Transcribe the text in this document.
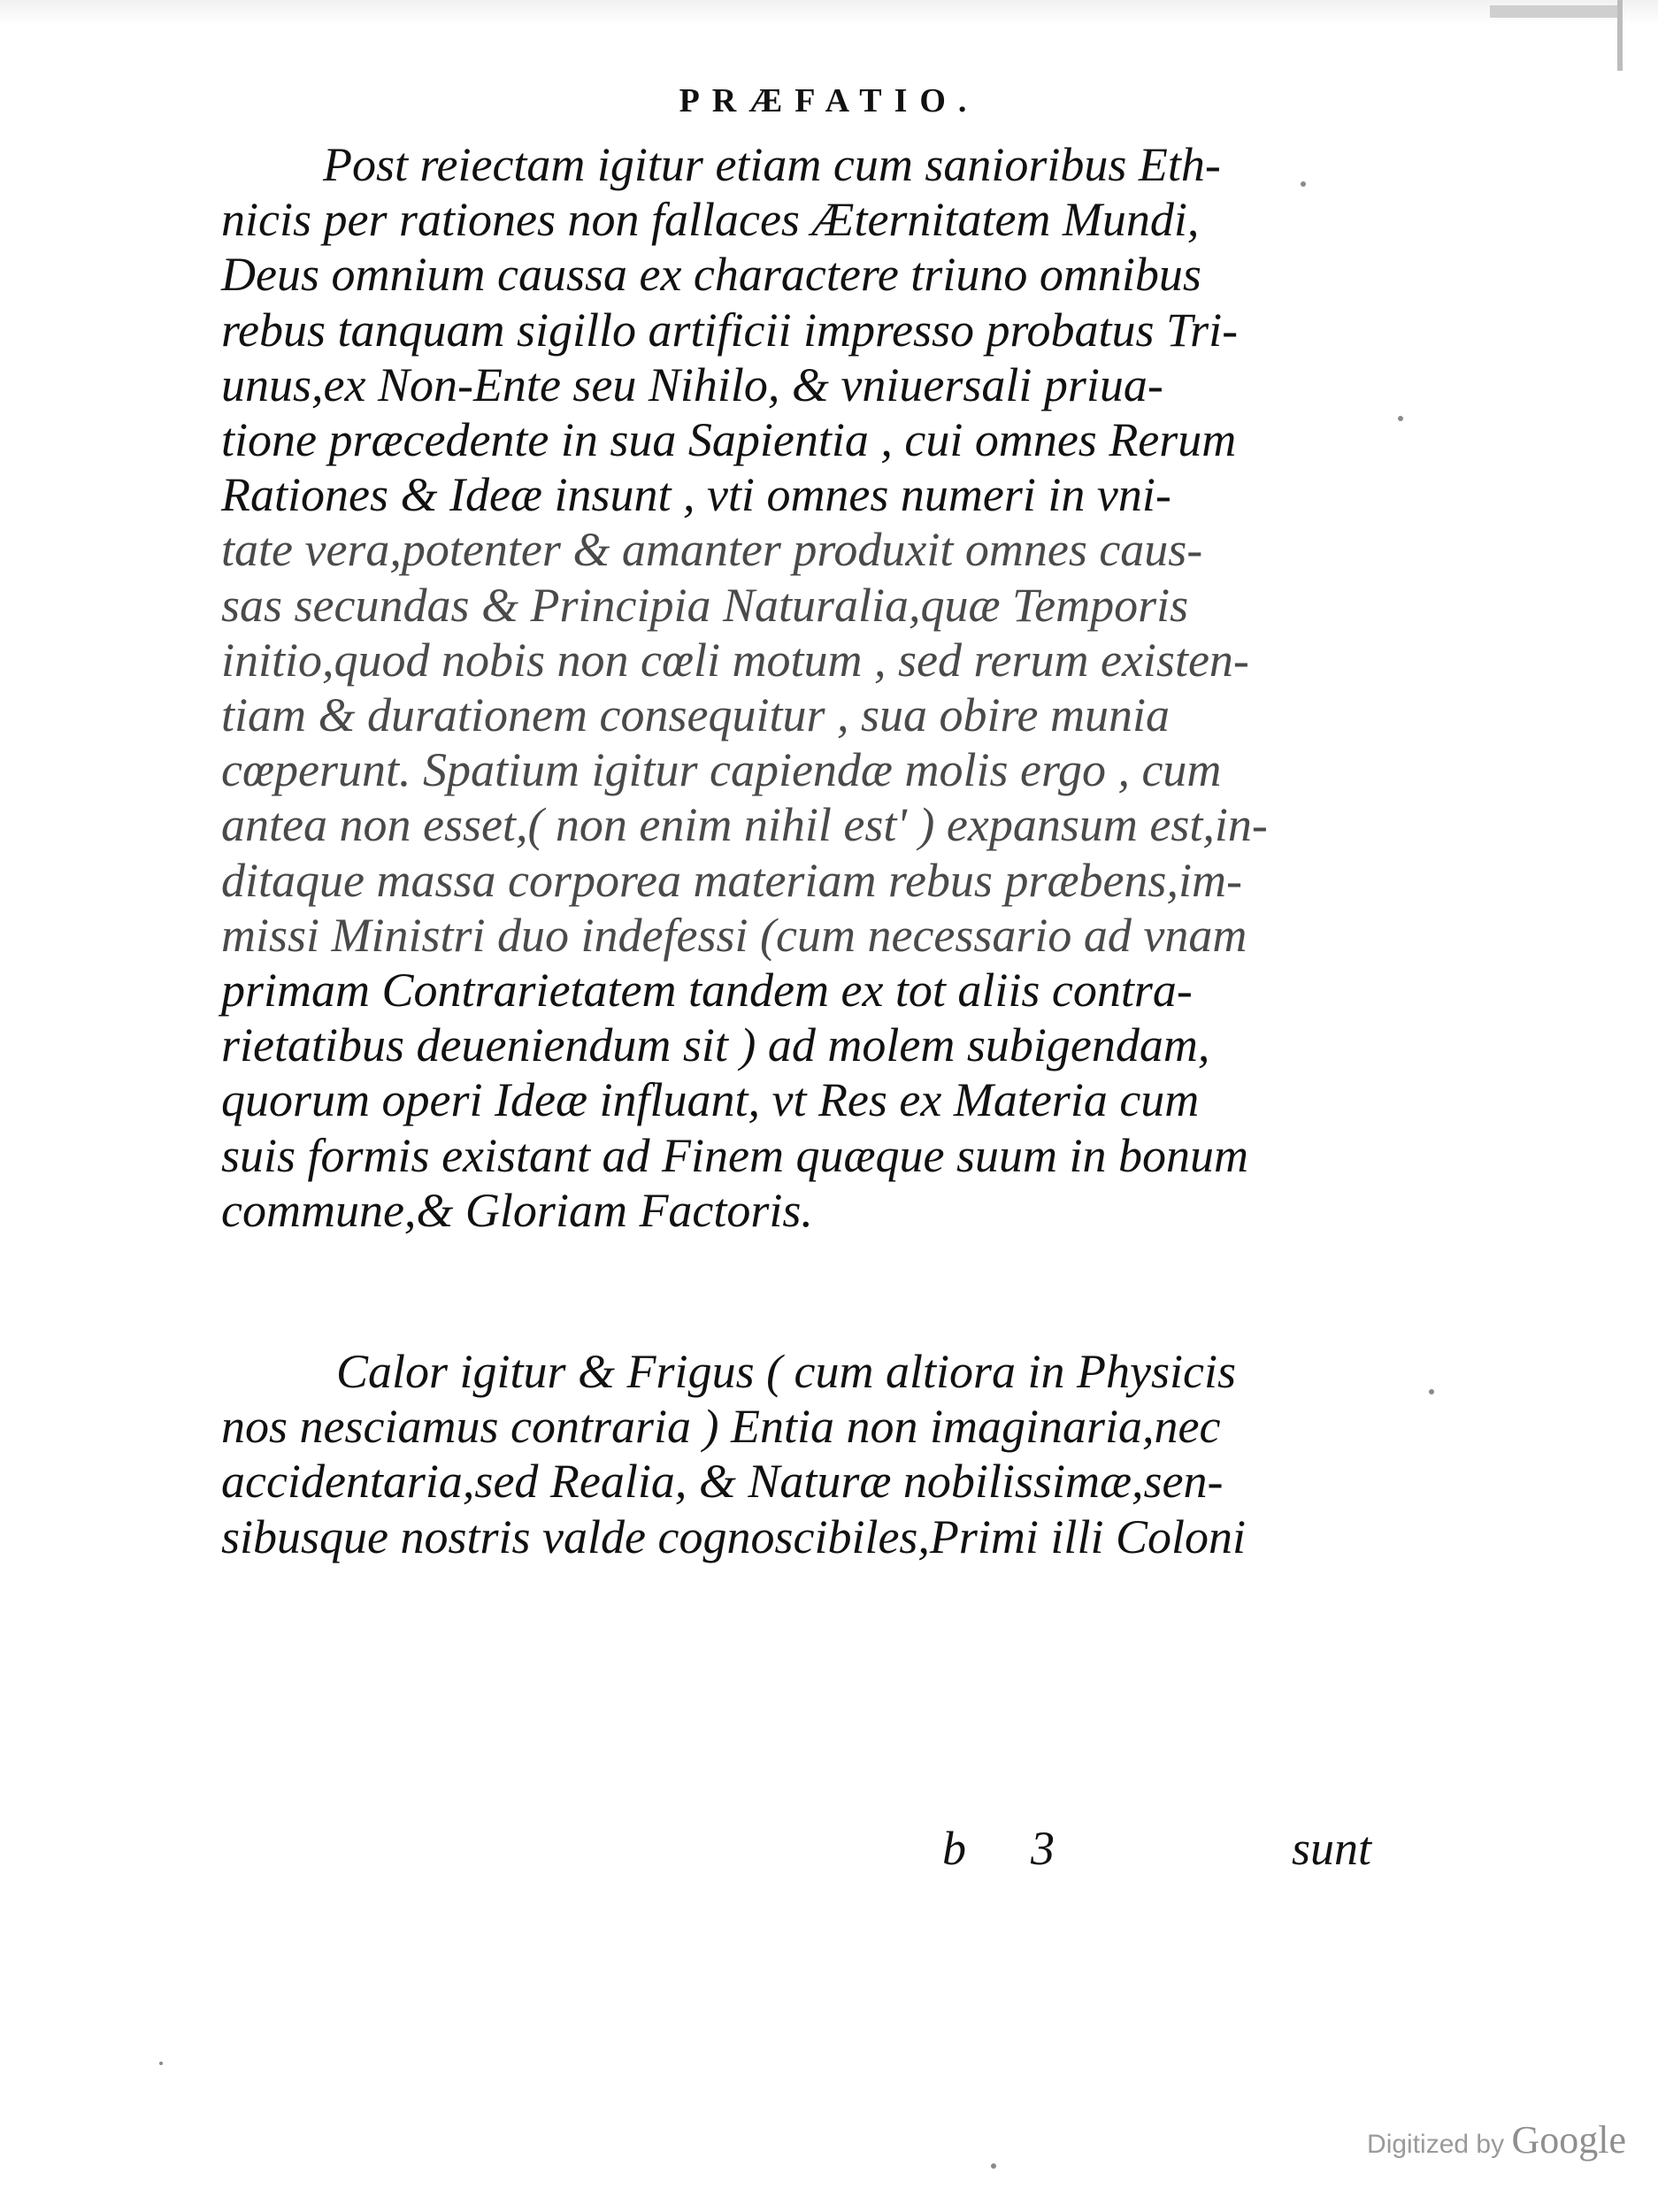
PRÆFATIO.
Post reiectam igitur etiam cum sanioribus Eth-
nicis per rationes non fallaces Æternitatem Mundi,
Deus omnium caussa ex charactere triuno omnibus
rebus tanquam sigillo artificii impresso probatus Tri-
unus,ex Non-Ente seu Nihilo, & vniuersali priua-
tione præcedente in sua Sapientia , cui omnes Rerum
Rationes & Ideæ insunt , vti omnes numeri in vni-
tate vera,potenter & amanter produxit omnes caus-
sas secundas & Principia Naturalia,quæ Temporis
initio,quod nobis non cœli motum , sed rerum existen-
tiam & durationem consequitur , sua obire munia
cœperunt. Spatium igitur capiendæ molis ergo , cum
antea non esset,( non enim nihil est' ) expansum est,in-
ditaque massa corporea materiam rebus præbens,im-
missi Ministri duo indefessi (cum necessario ad vnam
primam Contrarietatem tandem ex tot aliis contra-
rietatibus deueniendum sit ) ad molem subigendam,
quorum operi Ideæ influant, vt Res ex Materia cum
suis formis existant ad Finem quæque suum in bonum
commune,& Gloriam Factoris.
Calor igitur & Frigus ( cum altiora in Physicis
nos nesciamus contraria ) Entia non imaginaria,nec
accidentaria,sed Realia, & Naturæ nobilissimæ,sen-
sibusque nostris valde cognoscibiles,Primi illi Coloni
b 3	sunt
Digitized by Google
